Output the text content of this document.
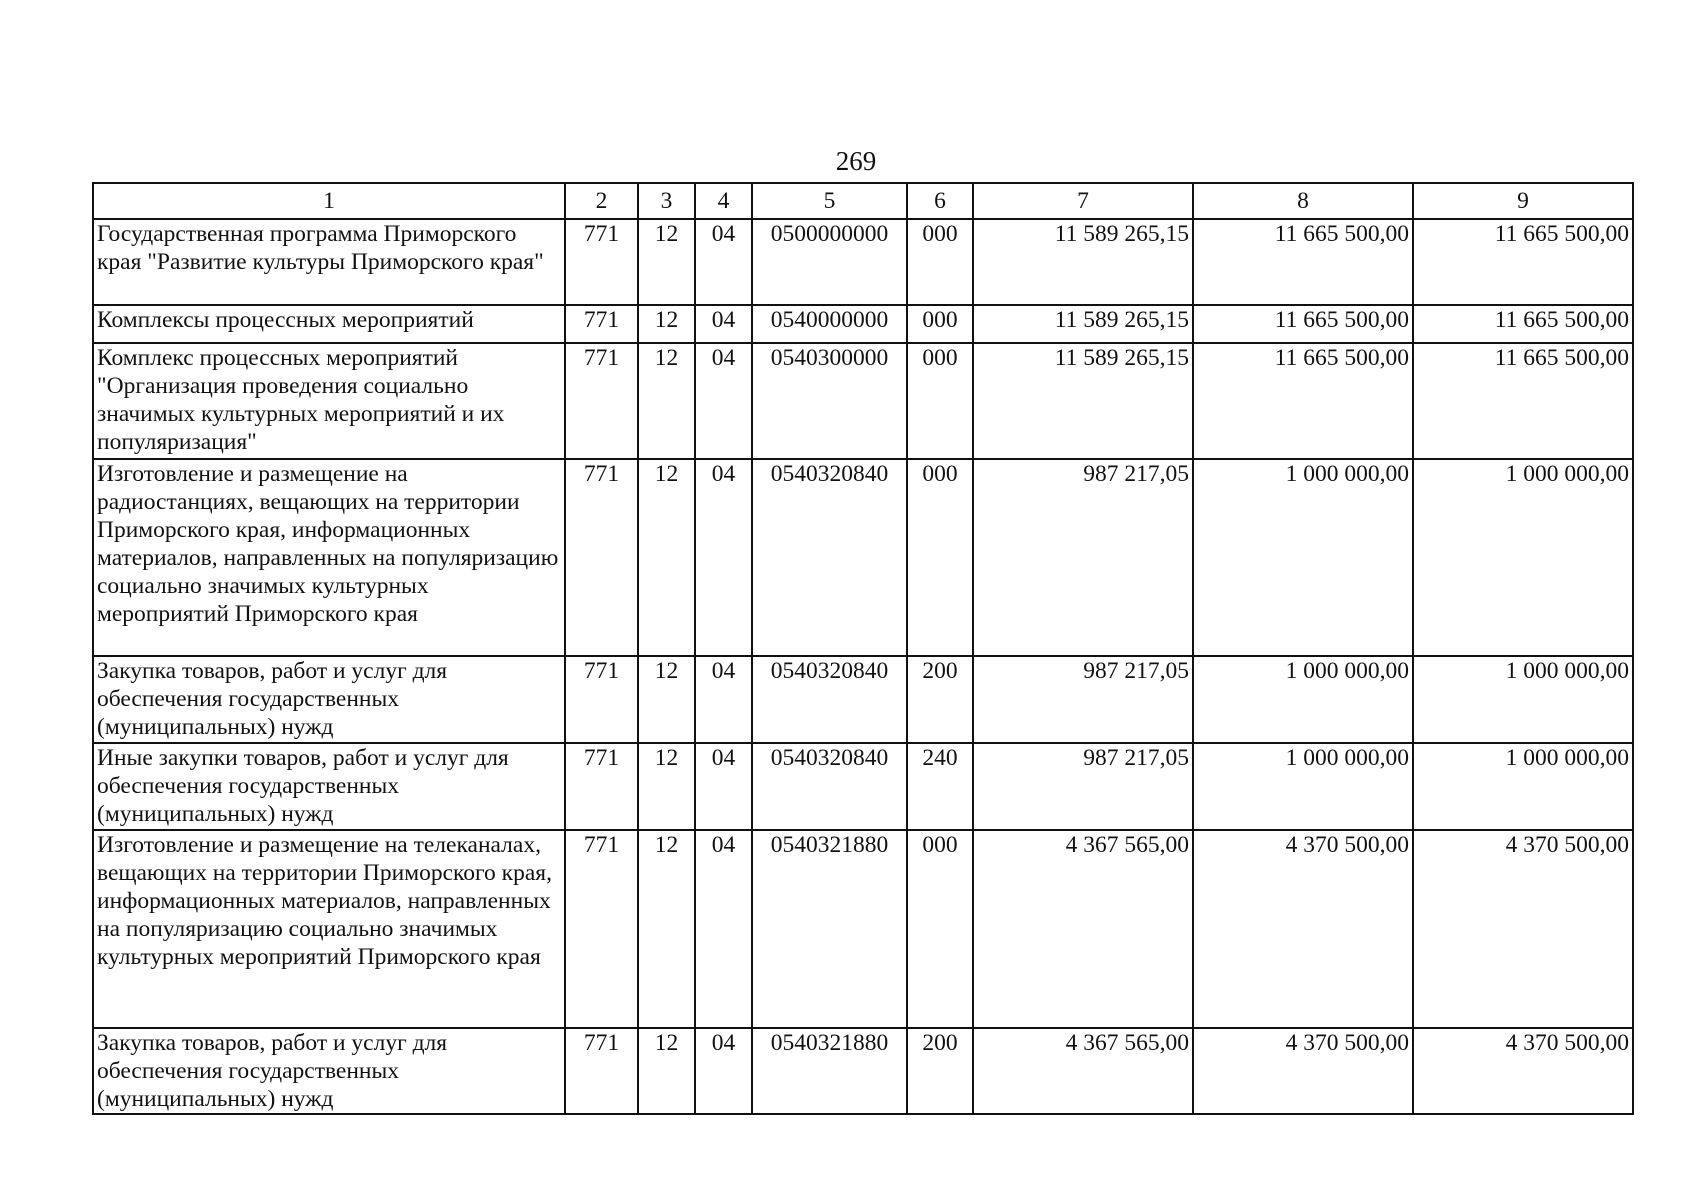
269
1	2	3	4	5	6	7	8	9
Государственная программа Приморского края "Развитие культуры Приморского края"	771	12	04	0500000000	000	11 589 265,15	11 665 500,00	11 665 500,00
Комплексы процессных мероприятий	771	12	04	0540000000	000	11 589 265,15	11 665 500,00	11 665 500,00
Комплекс процессных мероприятий "Организация проведения социально значимых культурных мероприятий и их популяризация"	771	12	04	0540300000	000	11 589 265,15	11 665 500,00	11 665 500,00
Изготовление и размещение на радиостанциях, вещающих на территории Приморского края, информационных материалов, направленных на популяризацию социально значимых культурных мероприятий Приморского края	771	12	04	0540320840	000	987 217,05	1 000 000,00	1 000 000,00
Закупка товаров, работ и услуг для обеспечения государственных (муниципальных) нужд	771	12	04	0540320840	200	987 217,05	1 000 000,00	1 000 000,00
Иные закупки товаров, работ и услуг для обеспечения государственных (муниципальных) нужд	771	12	04	0540320840	240	987 217,05	1 000 000,00	1 000 000,00
Изготовление и размещение на телеканалах, вещающих на территории Приморского края, информационных материалов, направленных на популяризацию социально значимых культурных мероприятий Приморского края	771	12	04	0540321880	000	4 367 565,00	4 370 500,00	4 370 500,00
Закупка товаров, работ и услуг для обеспечения государственных (муниципальных) нужд	771	12	04	0540321880	200	4 367 565,00	4 370 500,00	4 370 500,00
